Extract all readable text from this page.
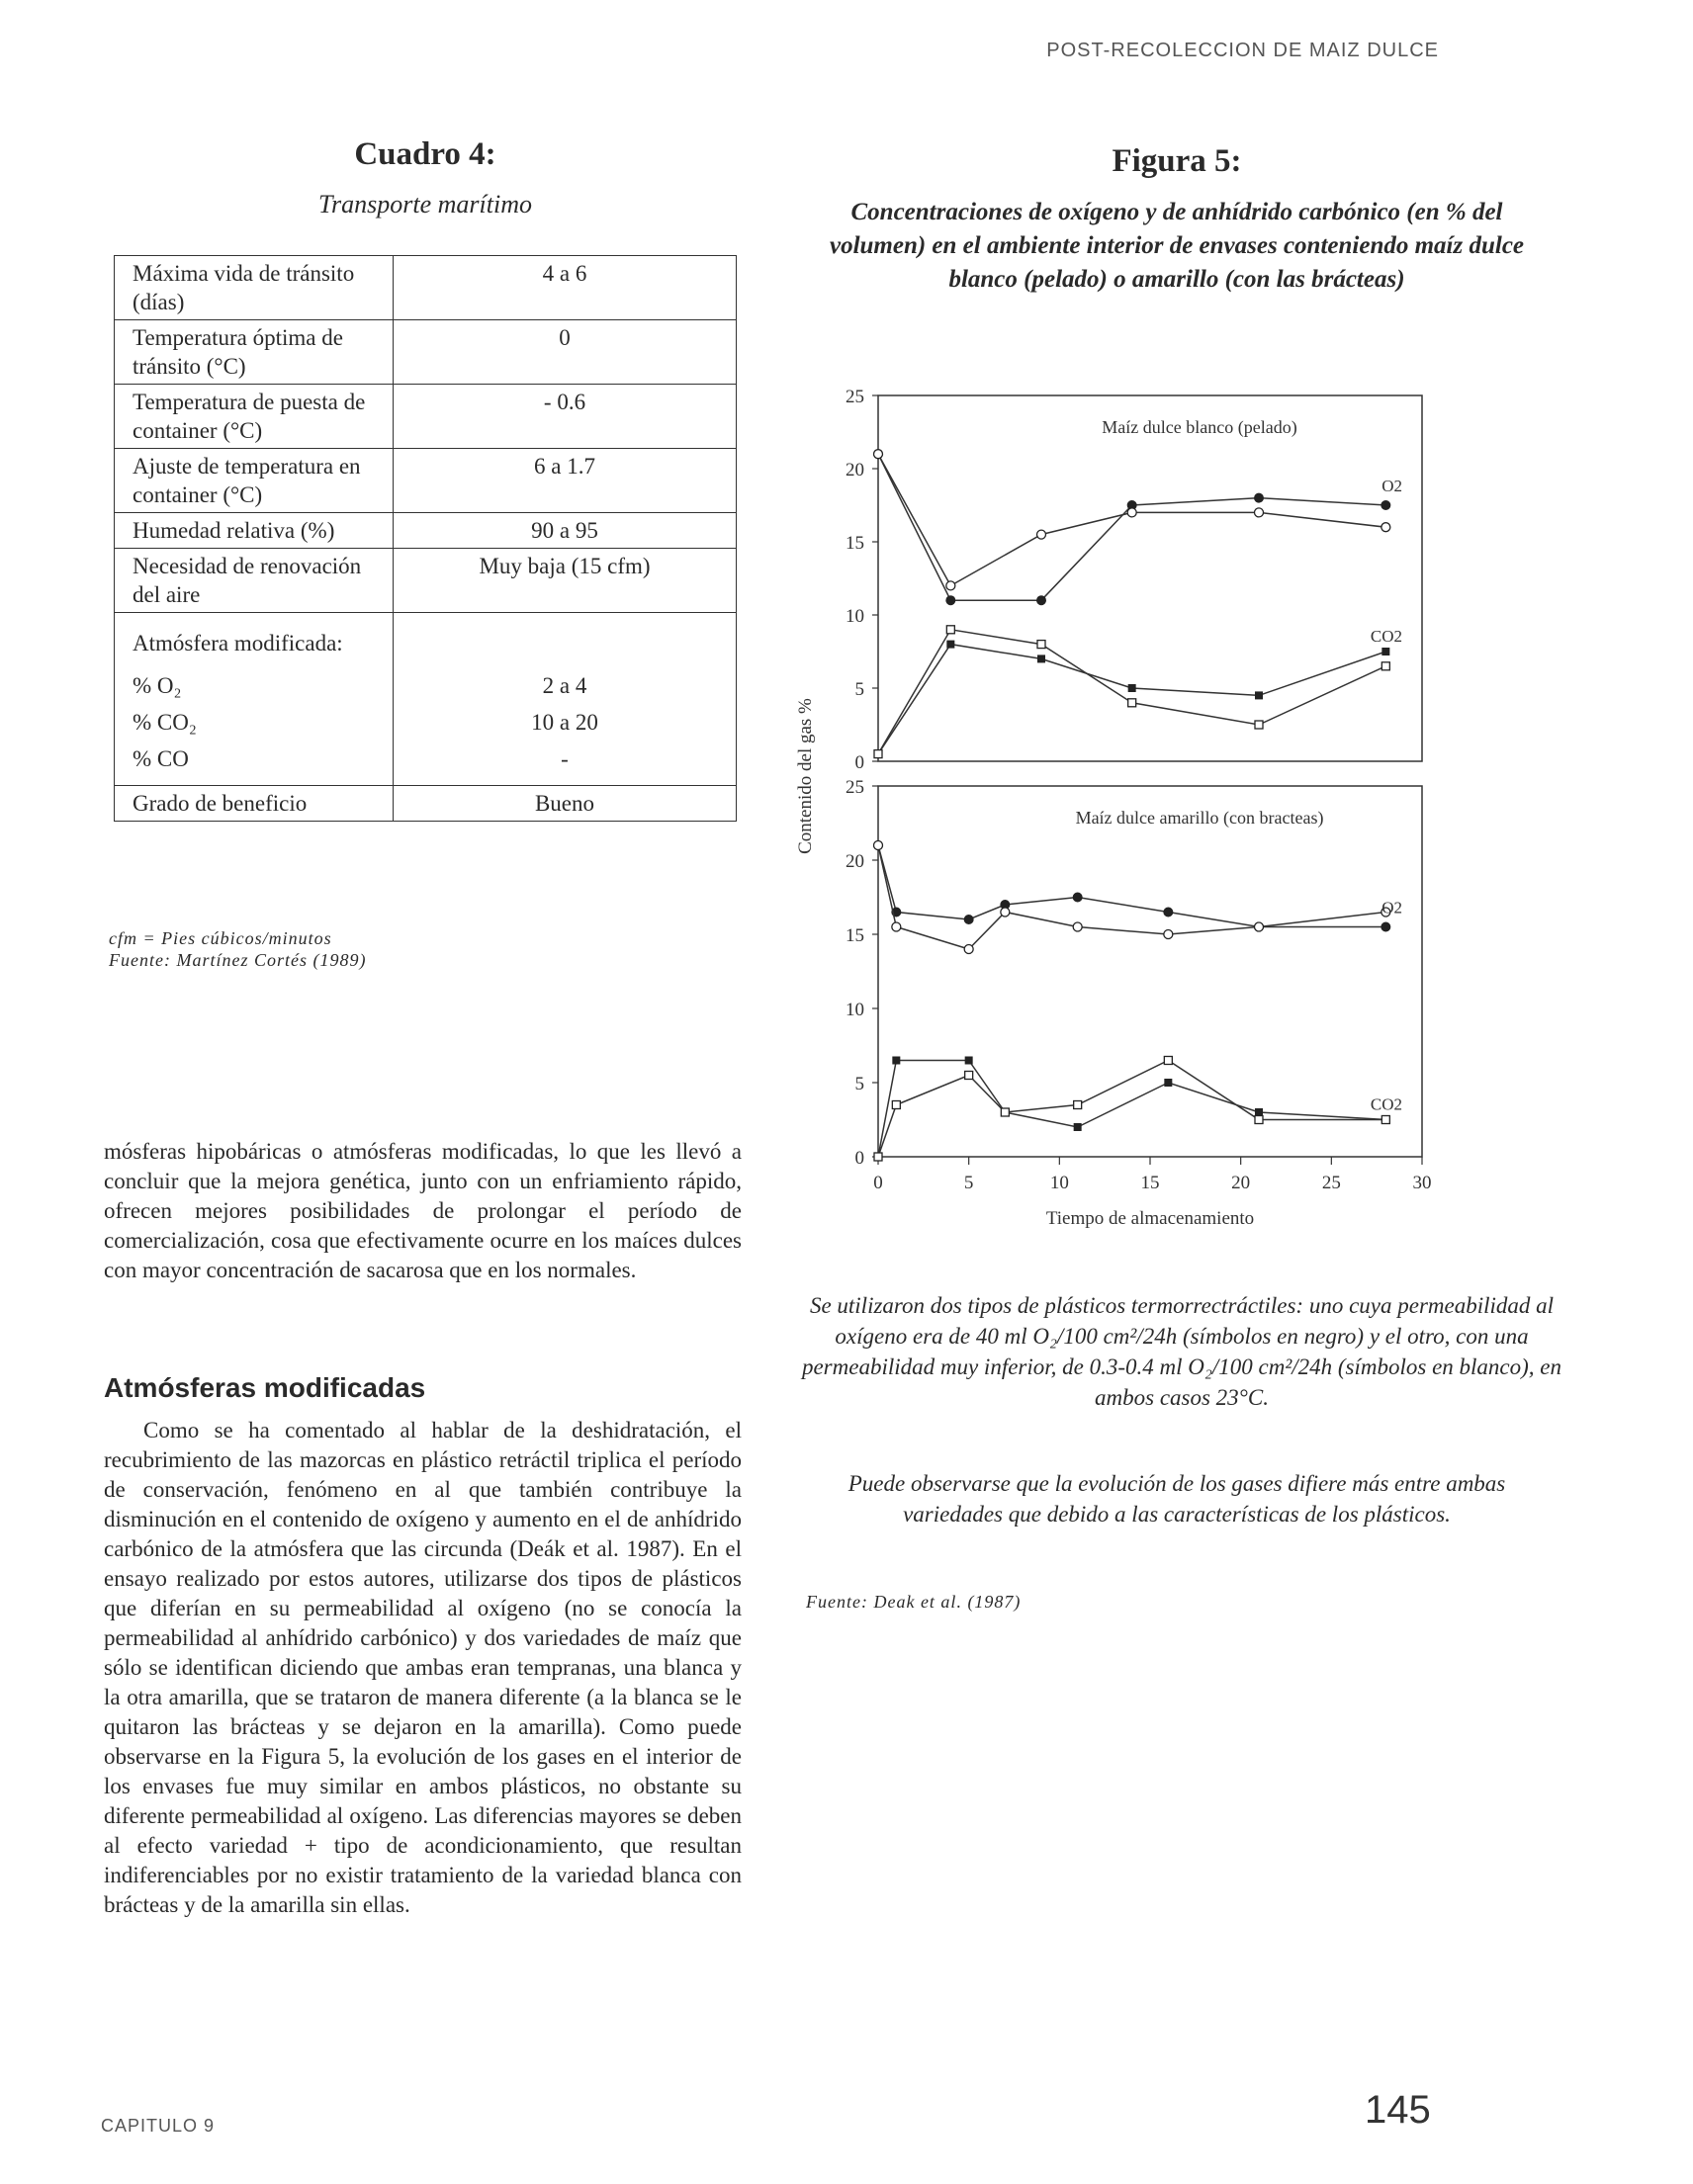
POST-RECOLECCION DE MAIZ DULCE
Cuadro 4:
Transporte marítimo
Máxima vida de tránsito (días)	4 a 6
Temperatura óptima de tránsito (°C)	0
Temperatura de puesta de container (°C)	- 0.6
Ajuste de temperatura en container (°C)	6 a 1.7
Humedad relativa (%)	90 a 95
Necesidad de renovación del aire	Muy baja (15 cfm)
Atmósfera modificada:	
% O₂	2 a 4
% CO₂	10 a 20
% CO	-
Grado de beneficio	Bueno
cfm = Pies cúbicos/minutos
Fuente: Martínez Cortés (1989)
Figura 5:
Concentraciones de oxígeno y de anhídrido carbónico (en % del volumen) en el ambiente interior de envases conteniendo maíz dulce blanco (pelado) o amarillo (con las brácteas)
0
5
10
15
20
25
Maíz dulce blanco (pelado)
O2
CO2
0
5
10
15
20
25
0	5	10	15	20	25	30
Tiempo de almacenamiento
Maíz dulce amarillo (con bracteas)
O2
CO2
Contenido del gas %
mósferas hipobáricas o atmósferas modificadas, lo que les llevó a concluir que la mejora genética, junto con un enfriamiento rápido, ofrecen mejores posibilidades de prolongar el período de comercialización, cosa que efectivamente ocurre en los maíces dulces con mayor concentración de sacarosa que en los normales.
Atmósferas modificadas
Como se ha comentado al hablar de la deshidratación, el recubrimiento de las mazorcas en plástico retráctil triplica el período de conservación, fenómeno en al que también contribuye la disminución en el contenido de oxígeno y aumento en el de anhídrido carbónico de la atmósfera que las circunda (Deák et al. 1987). En el ensayo realizado por estos autores, utilizarse dos tipos de plásticos que diferían en su permeabilidad al oxígeno (no se conocía la permeabilidad al anhídrido carbónico) y dos variedades de maíz que sólo se identifican diciendo que ambas eran tempranas, una blanca y la otra amarilla, que se trataron de manera diferente (a la blanca se le quitaron las brácteas y se dejaron en la amarilla). Como puede observarse en la Figura 5, la evolución de los gases en el interior de los envases fue muy similar en ambos plásticos, no obstante su diferente permeabilidad al oxígeno. Las diferencias mayores se deben al efecto variedad + tipo de acondicionamiento, que resultan indiferenciables por no existir tratamiento de la variedad blanca con brácteas y de la amarilla sin ellas.
Se utilizaron dos tipos de plásticos termorrectráctiles: uno cuya permeabilidad al oxígeno era de 40 ml O₂/100 cm²/24h (símbolos en negro) y el otro, con una permeabilidad muy inferior, de 0.3-0.4 ml O₂/100 cm²/24h (símbolos en blanco), en ambos casos 23°C.
Puede observarse que la evolución de los gases difiere más entre ambas variedades que debido a las características de los plásticos.
Fuente: Deak et al. (1987)
CAPITULO 9	145
